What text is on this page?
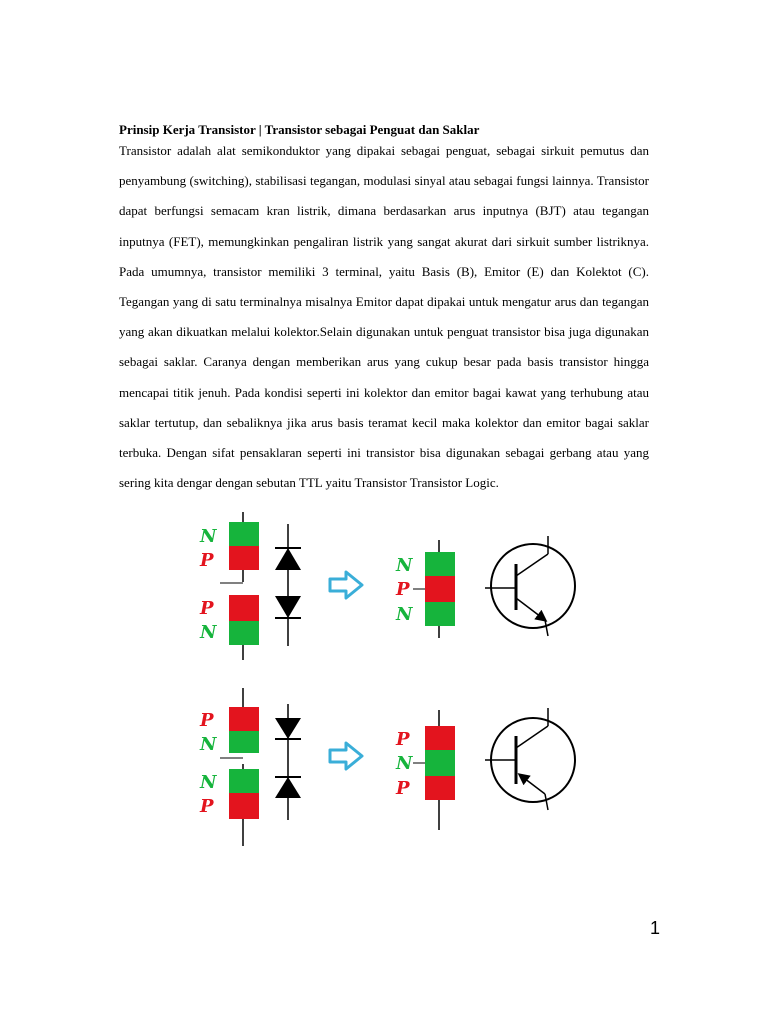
Prinsip Kerja Transistor | Transistor sebagai Penguat dan Saklar

Transistor adalah alat semikonduktor yang dipakai sebagai penguat, sebagai sirkuit pemutus dan penyambung (switching), stabilisasi tegangan, modulasi sinyal atau sebagai fungsi lainnya. Transistor dapat berfungsi semacam kran listrik, dimana berdasarkan arus inputnya (BJT) atau tegangan inputnya (FET), memungkinkan pengaliran listrik yang sangat akurat dari sirkuit sumber listriknya. Pada umumnya, transistor memiliki 3 terminal, yaitu Basis (B), Emitor (E) dan Kolektot (C). Tegangan yang di satu terminalnya misalnya Emitor dapat dipakai untuk mengatur arus dan tegangan yang akan dikuatkan melalui kolektor.Selain digunakan untuk penguat transistor bisa juga digunakan sebagai saklar. Caranya dengan memberikan arus yang cukup besar pada basis transistor hingga mencapai titik jenuh. Pada kondisi seperti ini kolektor dan emitor bagai kawat yang terhubung atau saklar tertutup, dan sebaliknya jika arus basis teramat kecil maka kolektor dan emitor bagai saklar terbuka. Dengan sifat pensaklaran seperti ini transistor bisa digunakan sebagai gerbang atau yang sering kita dengar dengan sebutan TTL yaitu Transistor Transistor Logic.

N
P
P
N
N
P
N
P
N
N
P
P
N
P
1
